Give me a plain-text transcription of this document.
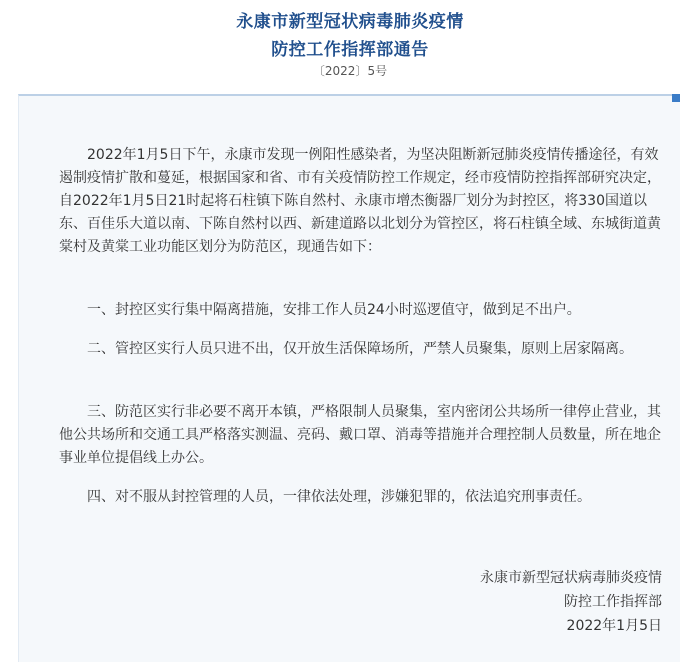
永康市新型冠状病毒肺炎疫情
防控工作指挥部通告
〔2022〕5号

2022年1月5日下午，永康市发现一例阳性感染者，为坚决阻断新冠肺炎疫情传播途径，有效遏制疫情扩散和蔓延，根据国家和省、市有关疫情防控工作规定，经市疫情防控指挥部研究决定，自2022年1月5日21时起将石柱镇下陈自然村、永康市增杰衡器厂划分为封控区，将330国道以东、百佳乐大道以南、下陈自然村以西、新建道路以北划分为管控区，将石柱镇全域、东城街道黄棠村及黄棠工业功能区划分为防范区，现通告如下：

一、封控区实行集中隔离措施，安排工作人员24小时巡逻值守，做到足不出户。

二、管控区实行人员只进不出，仅开放生活保障场所，严禁人员聚集，原则上居家隔离。

三、防范区实行非必要不离开本镇，严格限制人员聚集，室内密闭公共场所一律停止营业，其他公共场所和交通工具严格落实测温、亮码、戴口罩、消毒等措施并合理控制人员数量，所在地企事业单位提倡线上办公。

四、对不服从封控管理的人员，一律依法处理，涉嫌犯罪的，依法追究刑事责任。

永康市新型冠状病毒肺炎疫情
防控工作指挥部
2022年1月5日
